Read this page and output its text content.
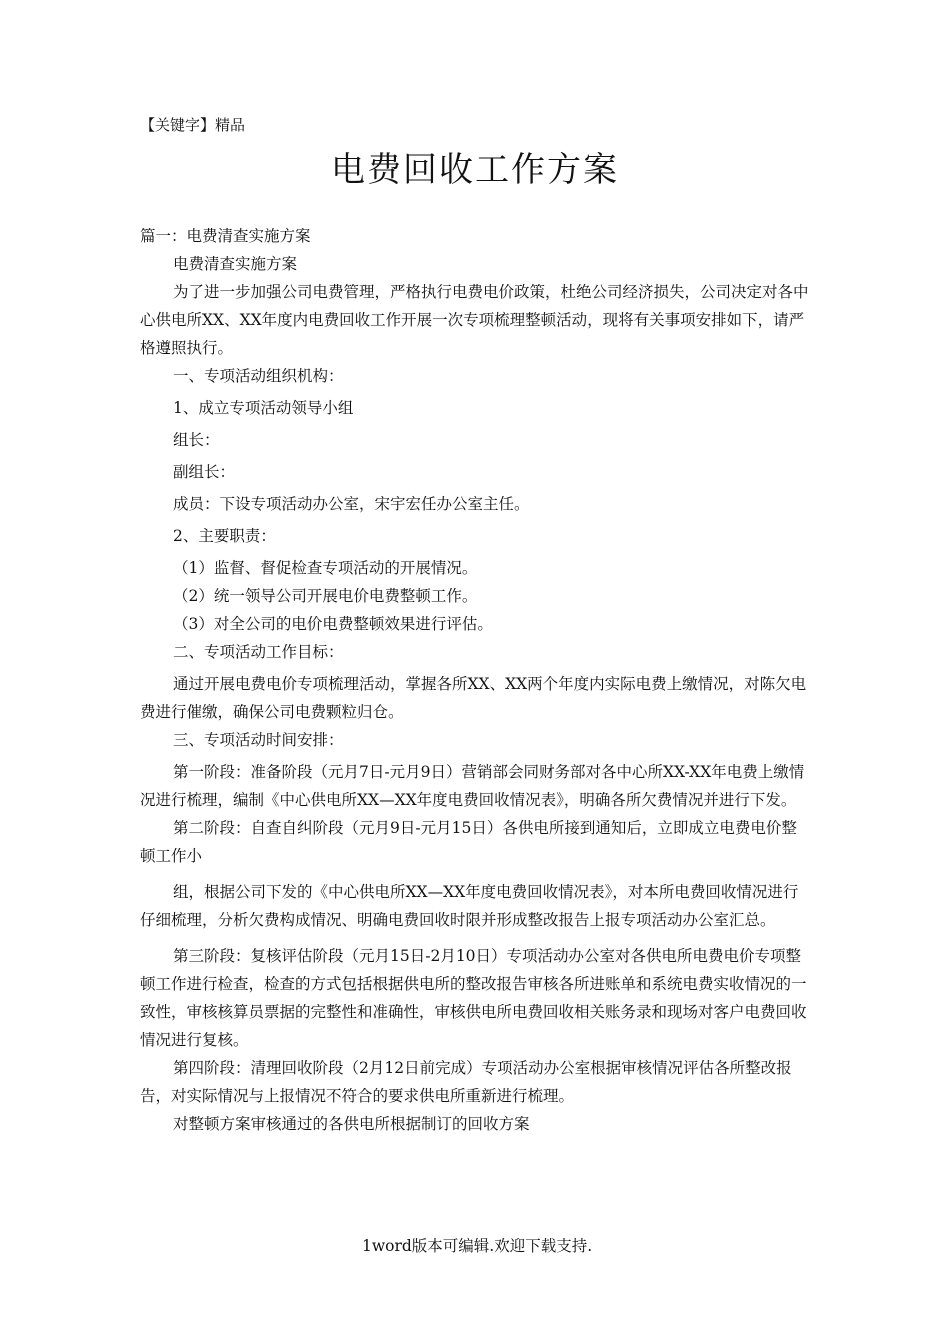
【关键字】精品
电费回收工作方案

篇一：电费清查实施方案

电费清查实施方案

为了进一步加强公司电费管理，严格执行电费电价政策，杜绝公司经济损失，公司决定对各中心供电所XX、XX年度内电费回收工作开展一次专项梳理整顿活动，现将有关事项安排如下，请严格遵照执行。

一、专项活动组织机构：

1、成立专项活动领导小组

组长：

副组长：

成员：下设专项活动办公室，宋宇宏任办公室主任。

2、主要职责：

（1）监督、督促检查专项活动的开展情况。

（2）统一领导公司开展电价电费整顿工作。

（3）对全公司的电价电费整顿效果进行评估。

二、专项活动工作目标：

通过开展电费电价专项梳理活动，掌握各所XX、XX两个年度内实际电费上缴情况，对陈欠电费进行催缴，确保公司电费颗粒归仓。

三、专项活动时间安排：

第一阶段：准备阶段（元月7日-元月9日）营销部会同财务部对各中心所XX-XX年电费上缴情况进行梳理，编制《中心供电所XX—XX年度电费回收情况表》，明确各所欠费情况并进行下发。

第二阶段：自查自纠阶段（元月9日-元月15日）各供电所接到通知后，立即成立电费电价整顿工作小

组，根据公司下发的《中心供电所XX—XX年度电费回收情况表》，对本所电费回收情况进行仔细梳理，分析欠费构成情况、明确电费回收时限并形成整改报告上报专项活动办公室汇总。

第三阶段：复核评估阶段（元月15日-2月10日）专项活动办公室对各供电所电费电价专项整顿工作进行检查，检查的方式包括根据供电所的整改报告审核各所进账单和系统电费实收情况的一致性，审核核算员票据的完整性和准确性，审核供电所电费回收相关账务录和现场对客户电费回收情况进行复核。

第四阶段：清理回收阶段（2月12日前完成）专项活动办公室根据审核情况评估各所整改报告，对实际情况与上报情况不符合的要求供电所重新进行梳理。

对整顿方案审核通过的各供电所根据制订的回收方案

1word版本可编辑.欢迎下载支持.
